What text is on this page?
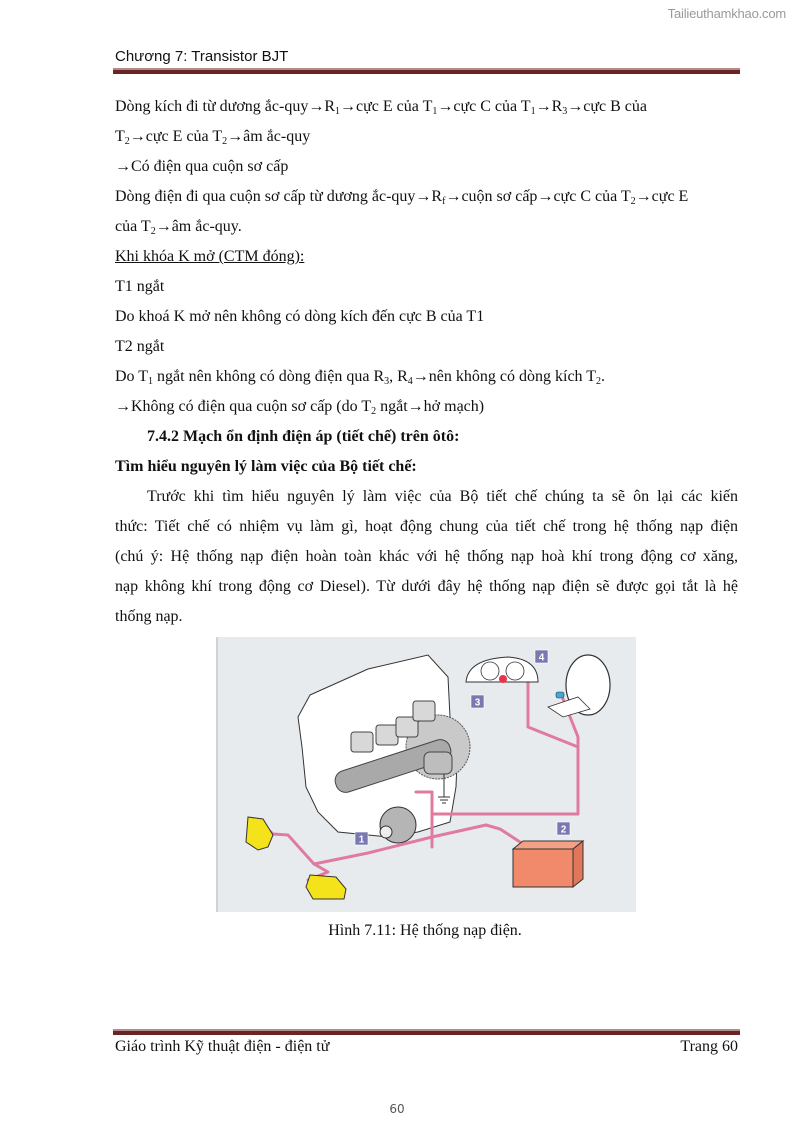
Tailieuthamkhao.com
Chương 7: Transistor BJT
Dòng kích đi từ dương $ắc-quy\to R_1\to cực$ E của $T_1\to cực$ C của $T_1\to R_3\to cực$ B của
$T_2\to cực$ E của $T_2\to âm$ ắc-quy
→Có điện qua cuộn sơ cấp
Dòng điện đi qua cuộn sơ cấp từ dương $ắc-quy\to R_f\to cuộn$ sơ cấp→cực C của $T_2\to cực$ E
của $T_2\to âm$ ắc-quy.
Khi khóa K mở (CTM đóng):
T1 ngắt
Do khoá K mở nên không có dòng kích đến cực B của T1
T2 ngắt
Do $T_1$ ngắt nên không có dòng điện qua $R_3$, $R_4\to nên$ không có dòng kích $T_2$.
→Không có điện qua cuộn sơ cấp (do $T_2$ ngắt→hở mạch)
7.4.2 Mạch ổn định điện áp (tiết chế) trên ôtô:
Tìm hiểu nguyên lý làm việc của Bộ tiết chế:
Trước khi tìm hiểu nguyên lý làm việc của Bộ tiết chế chúng ta sẽ ôn lại các kiến
thức: Tiết chế có nhiệm vụ làm gì, hoạt động chung của tiết chế trong hệ thống nạp điện
(chú ý: Hệ thống nạp điện hoàn toàn khác với hệ thống nạp hoà khí trong động cơ xăng,
nạp không khí trong động cơ Diesel). Từ dưới đây hệ thống nạp điện sẽ được gọi tắt là hệ
thống nạp.
1
2
3
4
Hình 7.11: Hệ thống nạp điện.
Giáo trình Kỹ thuật điện - điện tử	Trang 60
60
